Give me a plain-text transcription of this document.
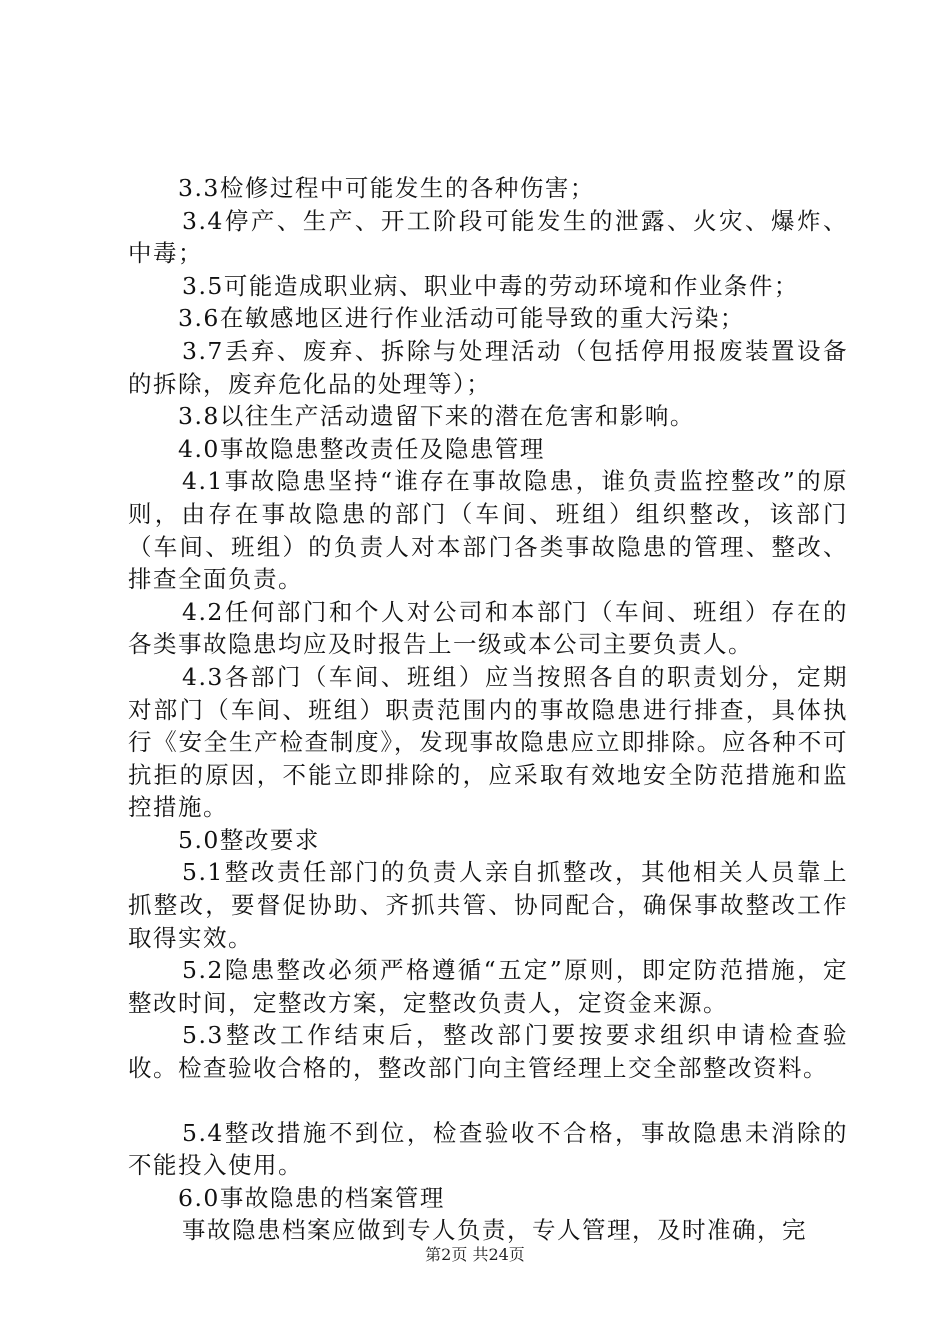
3.3检修过程中可能发生的各种伤害；

3.4停产、生产、开工阶段可能发生的泄露、火灾、爆炸、中毒；

3.5可能造成职业病、职业中毒的劳动环境和作业条件；

3.6在敏感地区进行作业活动可能导致的重大污染；

3.7丢弃、废弃、拆除与处理活动（包括停用报废装置设备的拆除，废弃危化品的处理等）；

3.8以往生产活动遗留下来的潜在危害和影响。

4.0事故隐患整改责任及隐患管理

4.1事故隐患坚持“谁存在事故隐患，谁负责监控整改”的原则，由存在事故隐患的部门（车间、班组）组织整改，该部门（车间、班组）的负责人对本部门各类事故隐患的管理、整改、排查全面负责。

4.2任何部门和个人对公司和本部门（车间、班组）存在的各类事故隐患均应及时报告上一级或本公司主要负责人。

4.3各部门（车间、班组）应当按照各自的职责划分，定期对部门（车间、班组）职责范围内的事故隐患进行排查，具体执行《安全生产检查制度》，发现事故隐患应立即排除。应各种不可抗拒的原因，不能立即排除的，应采取有效地安全防范措施和监控措施。

5.0整改要求

5.1整改责任部门的负责人亲自抓整改，其他相关人员靠上抓整改，要督促协助、齐抓共管、协同配合，确保事故整改工作取得实效。

5.2隐患整改必须严格遵循“五定”原则，即定防范措施，定整改时间，定整改方案，定整改负责人，定资金来源。

5.3整改工作结束后，整改部门要按要求组织申请检查验收。检查验收合格的，整改部门向主管经理上交全部整改资料。

5.4整改措施不到位，检查验收不合格，事故隐患未消除的不能投入使用。

6.0事故隐患的档案管理

事故隐患档案应做到专人负责，专人管理，及时准确，完

第2页 共24页
